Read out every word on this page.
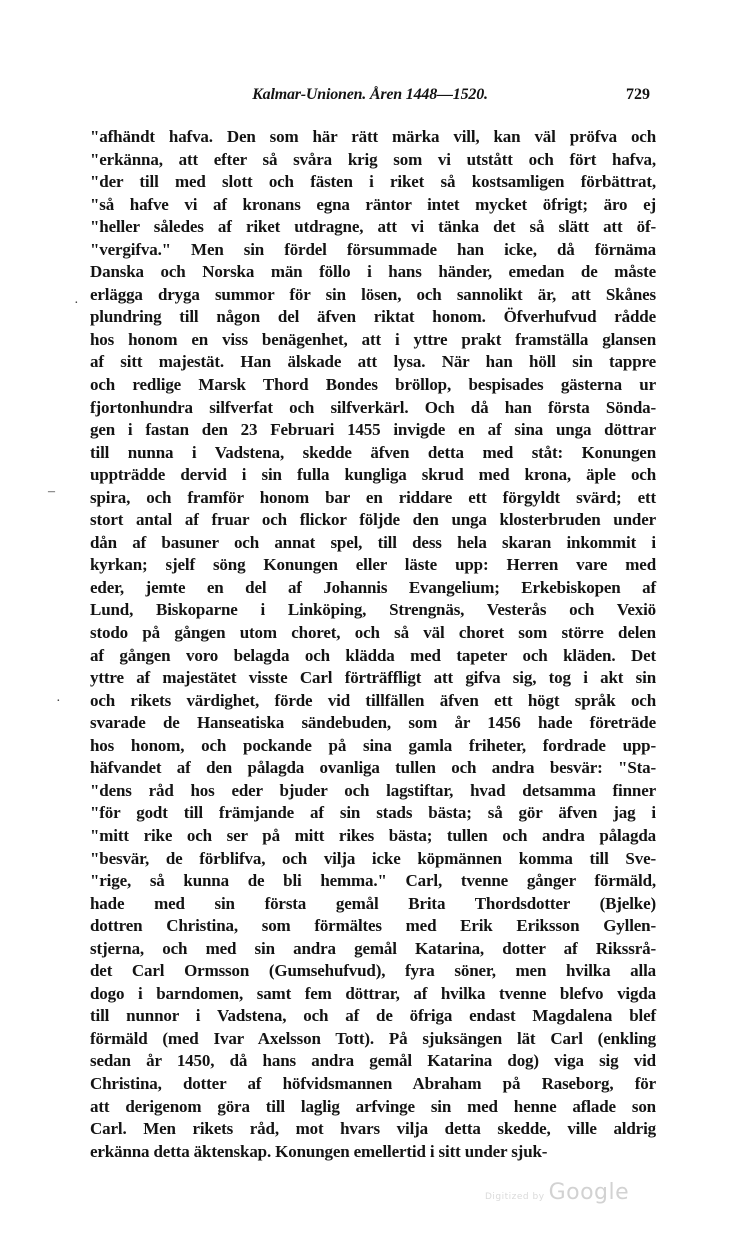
Kalmar-Unionen. Åren 1448—1520.	729
"afhändt hafva. Den som här rätt märka vill, kan väl pröfva och
"erkänna, att efter så svåra krig som vi utstått och fört hafva,
"der till med slott och fästen i riket så kostsamligen förbättrat,
"så hafve vi af kronans egna räntor intet mycket öfrigt; äro ej
"heller således af riket utdragne, att vi tänka det så slätt att öf-
"vergifva." Men sin fördel försummade han icke, då förnämа
Danska och Norska män föllo i hans händer, emedan de måste
erlägga dryga summor för sin lösen, och sannolikt är, att Skånes
plundring till någon del äfven riktat honom. Öfverhufvud rådde
hos honom en viss benägenhet, att i yttre prakt framställa glansen
af sitt majestät. Han älskade att lysa. När han höll sin tappre
och redlige Marsk Thord Bondes bröllop, bespisades gästerna ur
fjortonhundra silfverfat och silfverkärl. Och då han första Sönda-
gen i fastan den 23 Februari 1455 invigde en af sina unga döttrar
till nunna i Vadstena, skedde äfven detta med ståt: Konungen
uppträdde dervid i sin fulla kungliga skrud med krona, äple och
spira, och framför honom bar en riddare ett förgyldt svärd; ett
stort antal af fruar och flickor följde den unga klosterbruden under
dån af basuner och annat spel, till dess hela skaran inkommit i
kyrkan; sjelf söng Konungen eller läste upp: Herren vare med
eder, jemte en del af Johannis Evangelium; Erkebiskopen af
Lund, Biskoparne i Linköping, Strengnäs, Vesterås och Vexiö
stodo på gången utom choret, och så väl choret som större delen
af gången voro belagda och klädda med tapeter och kläden. Det
yttre af majestätet visste Carl förträffligt att gifva sig, tog i akt sin
och rikets värdighet, förde vid tillfällen äfven ett högt språk och
svarade de Hanseatiska sändebuden, som år 1456 hade företräde
hos honom, och pockande på sina gamla friheter, fordrade upp-
häfvandet af den pålagda ovanliga tullen och andra besvär: "Sta-
"dens råd hos eder bjuder och lagstiftar, hvad detsamma finner
"för godt till främjande af sin stads bästa; så gör äfven jag i
"mitt rike och ser på mitt rikes bästa; tullen och andra pålagda
"besvär, de förblifva, och vilja icke köpmännen komma till Sve-
"rige, så kunna de bli hemma." Carl, tvenne gånger förmäld,
hade med sin första gemål Brita Thordsdotter (Bjelke)
dottren Christina, som förmältes med Erik Eriksson Gyllen-
stjerna, och med sin andra gemål Katarina, dotter af Rikssrå-
det Carl Ormsson (Gumsehufvud), fyra söner, men hvilka alla
dogo i barndomen, samt fem döttrar, af hvilka tvenne blefvo vigda
till nunnor i Vadstena, och af de öfriga endast Magdalena blef
förmäld (med Ivar Axelsson Tott). På sjuksängen lät Carl (enkling
sedan år 1450, då hans andra gemål Katarina dog) viga sig vid
Christina, dotter af höfvidsmannen Abraham på Raseborg, för
att derigenom göra till laglig arfvinge sin med henne aflade son
Carl. Men rikets råd, mot hvars vilja detta skedde, ville aldrig
erkänna detta äktenskap. Konungen emellertid i sitt under sjuk-
·
–
·
Digitized by Google
